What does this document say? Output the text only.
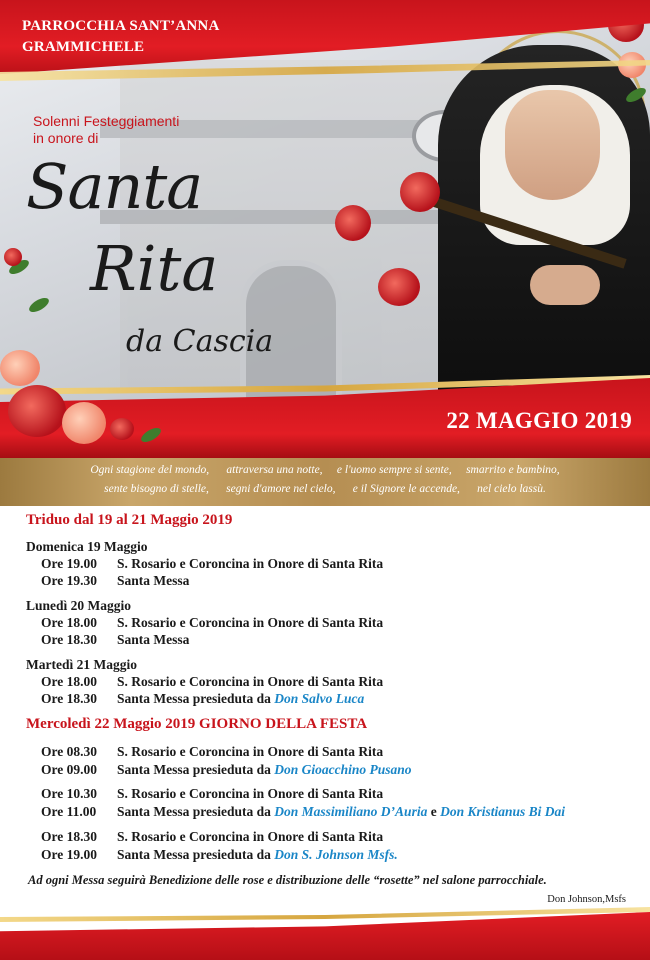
PARROCCHIA SANT’ANNA
GRAMMICHELE
Solenni Festeggiamenti
in onore di
Santa
Rita
da Cascia
22 MAGGIO 2019
Ogni stagione del mondo,      attraversa una notte,     e l'uomo sempre si sente,     smarrito e bambino,
sente bisogno di stelle,      segni d'amore nel cielo,      e il Signore le accende,      nel cielo lassù.
Triduo dal 19 al 21 Maggio 2019
Domenica 19 Maggio
Ore 19.00 S. Rosario e Coroncina in Onore di Santa Rita
Ore 19.30 Santa Messa
Lunedì 20 Maggio
Ore 18.00 S. Rosario e Coroncina in Onore di Santa Rita
Ore 18.30 Santa Messa
Martedì 21 Maggio
Ore 18.00 S. Rosario e Coroncina in Onore di Santa Rita
Ore 18.30 Santa Messa presieduta da Don Salvo Luca
Mercoledì 22 Maggio 2019 GIORNO DELLA FESTA
Ore 08.30 S. Rosario e Coroncina in Onore di Santa Rita
Ore 09.00 Santa Messa presieduta da Don Gioacchino Pusano
Ore 10.30 S. Rosario e Coroncina in Onore di Santa Rita
Ore 11.00 Santa Messa presieduta da Don Massimiliano D’Auria e Don Kristianus Bi Dai
Ore 18.30 S. Rosario e Coroncina in Onore di Santa Rita
Ore 19.00 Santa Messa presieduta da Don S. Johnson Msfs.
Ad ogni Messa seguirà Benedizione delle rose e distribuzione delle “rosette” nel salone parrocchiale.
Don Johnson,Msfs
